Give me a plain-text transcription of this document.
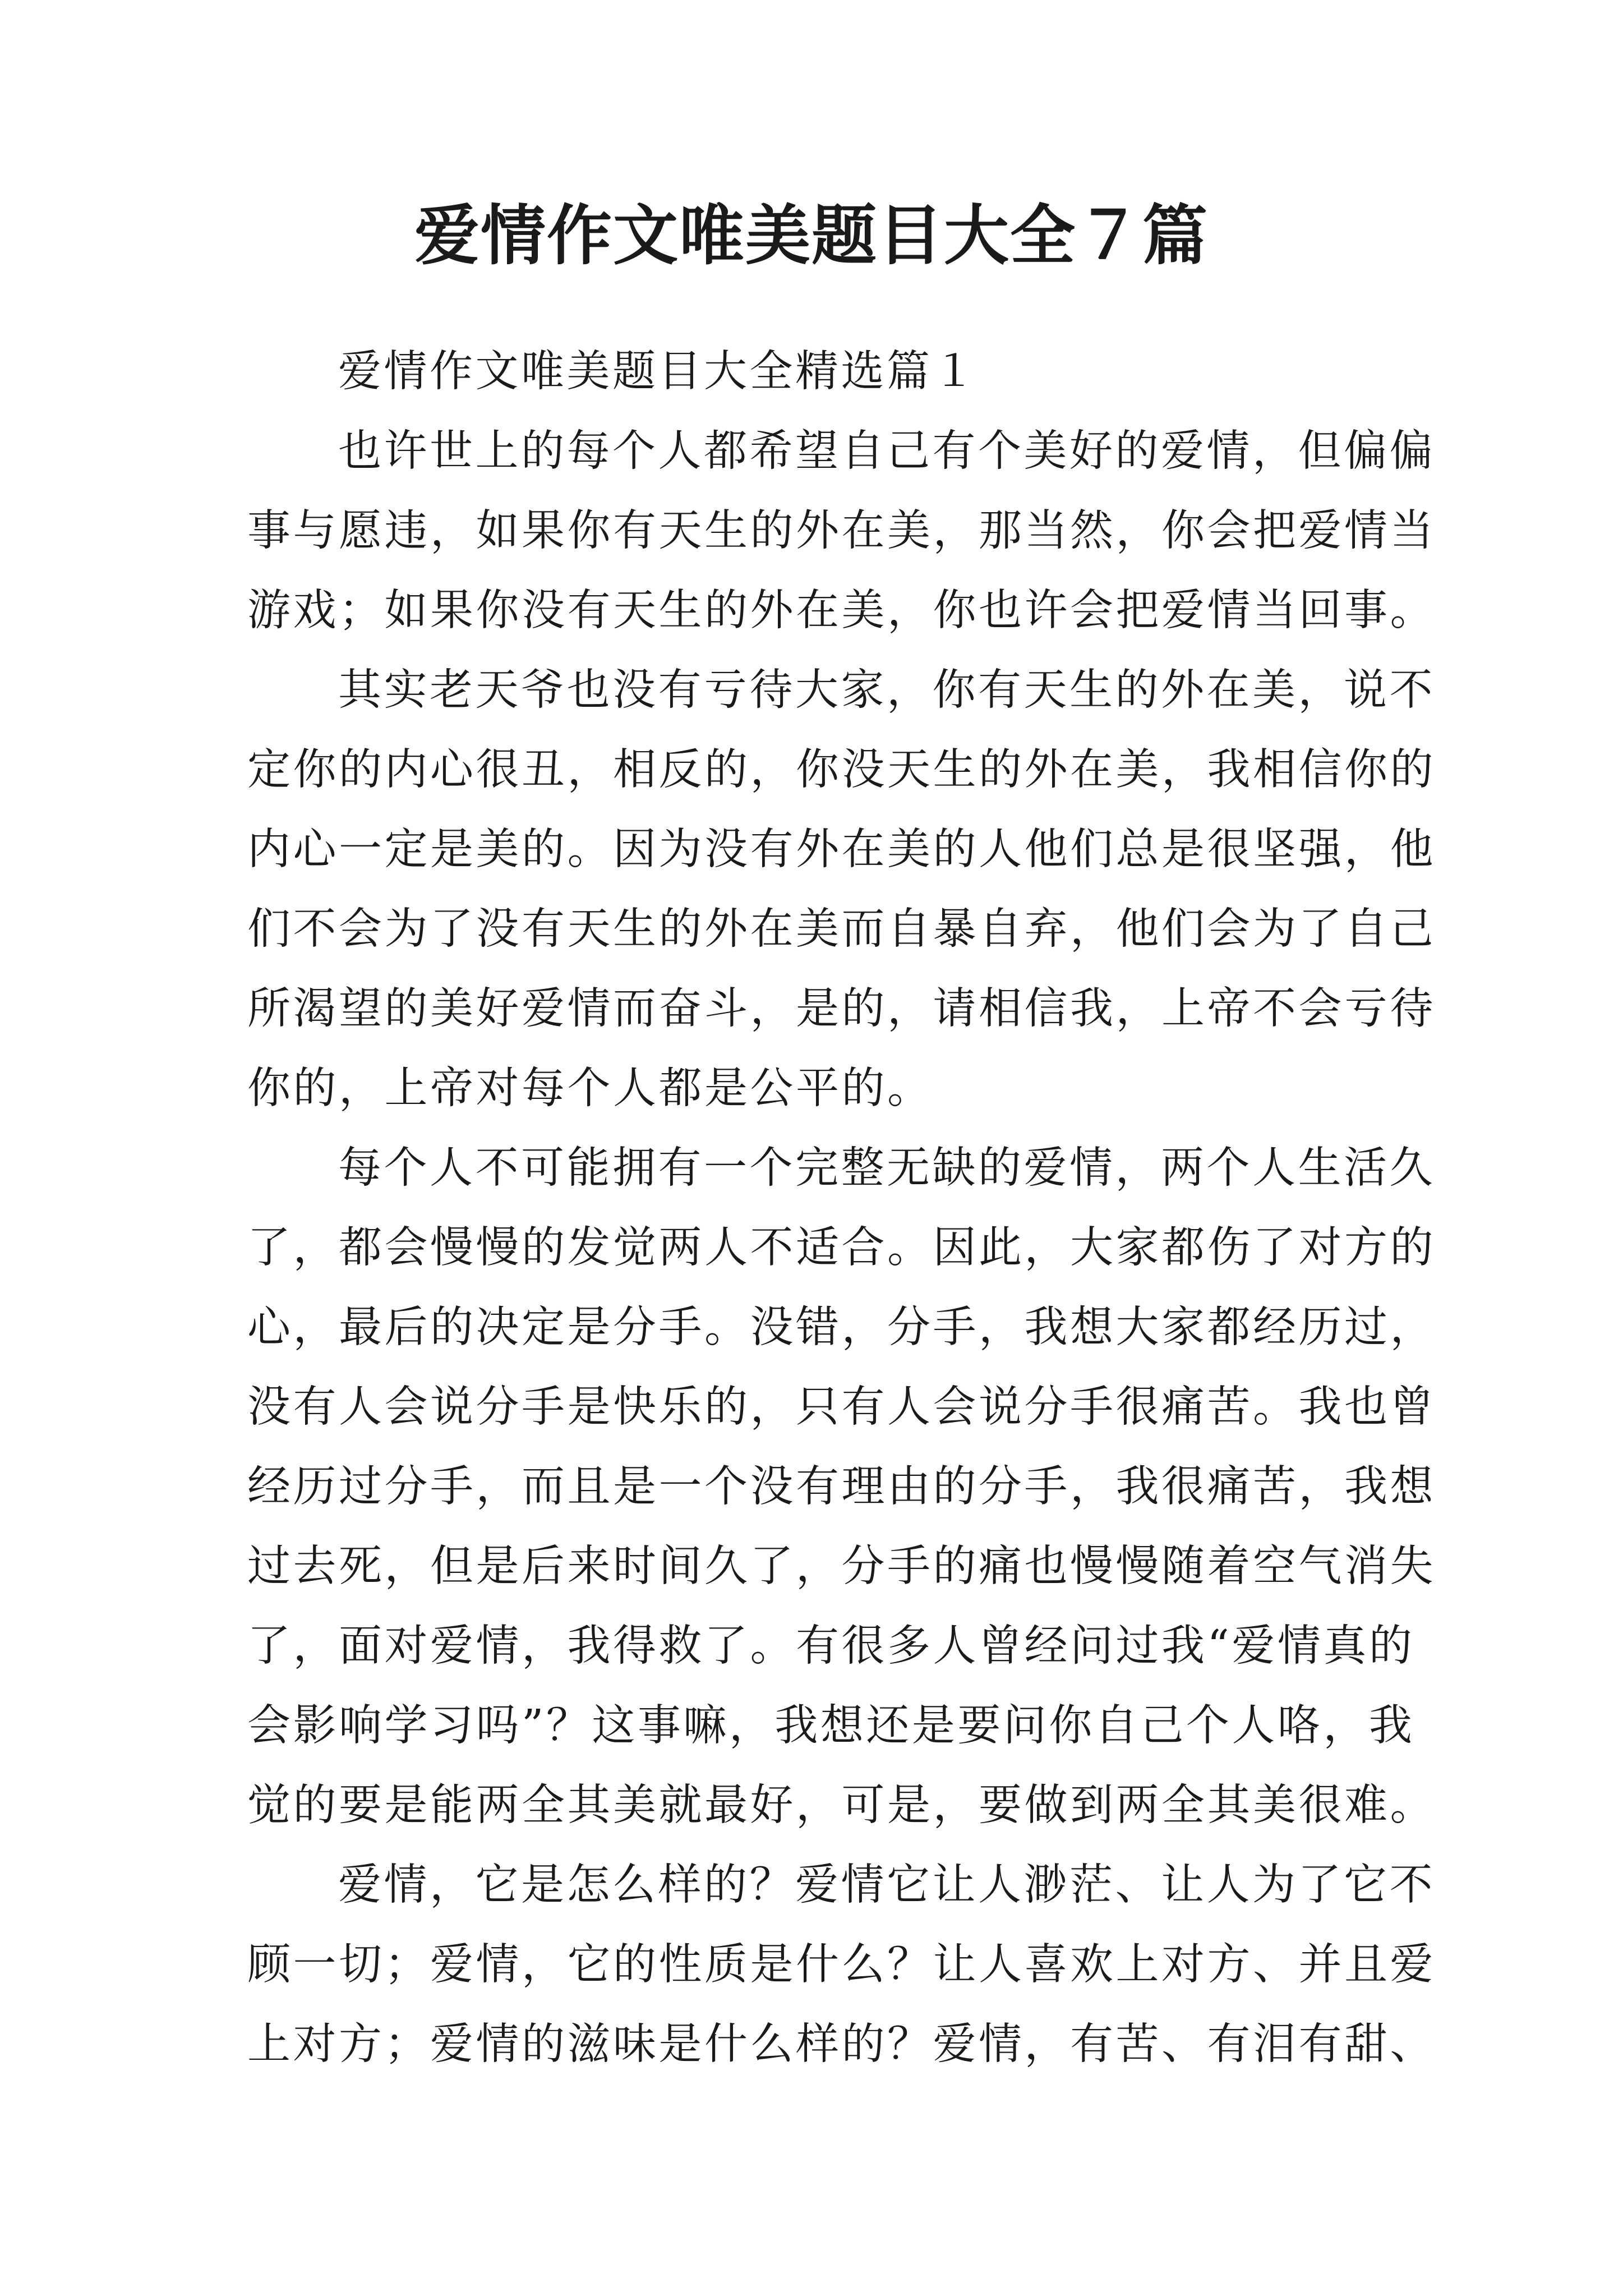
爱情作文唯美题目大全７篇
爱情作文唯美题目大全精选篇１
也许世上的每个人都希望自己有个美好的爱情，但偏偏
事与愿违，如果你有天生的外在美，那当然，你会把爱情当
游戏；如果你没有天生的外在美，你也许会把爱情当回事。
其实老天爷也没有亏待大家，你有天生的外在美，说不
定你的内心很丑，相反的，你没天生的外在美，我相信你的
内心一定是美的。因为没有外在美的人他们总是很坚强，他
们不会为了没有天生的外在美而自暴自弃，他们会为了自己
所渴望的美好爱情而奋斗，是的，请相信我，上帝不会亏待
你的，上帝对每个人都是公平的。
每个人不可能拥有一个完整无缺的爱情，两个人生活久
了，都会慢慢的发觉两人不适合。因此，大家都伤了对方的
心，最后的决定是分手。没错，分手，我想大家都经历过，
没有人会说分手是快乐的，只有人会说分手很痛苦。我也曾
经历过分手，而且是一个没有理由的分手，我很痛苦，我想
过去死，但是后来时间久了，分手的痛也慢慢随着空气消失
了，面对爱情，我得救了。有很多人曾经问过我“爱情真的
会影响学习吗”？这事嘛，我想还是要问你自己个人咯，我
觉的要是能两全其美就最好，可是，要做到两全其美很难。
爱情，它是怎么样的？爱情它让人渺茫、让人为了它不
顾一切；爱情，它的性质是什么？让人喜欢上对方、并且爱
上对方；爱情的滋味是什么样的？爱情，有苦、有泪有甜、
